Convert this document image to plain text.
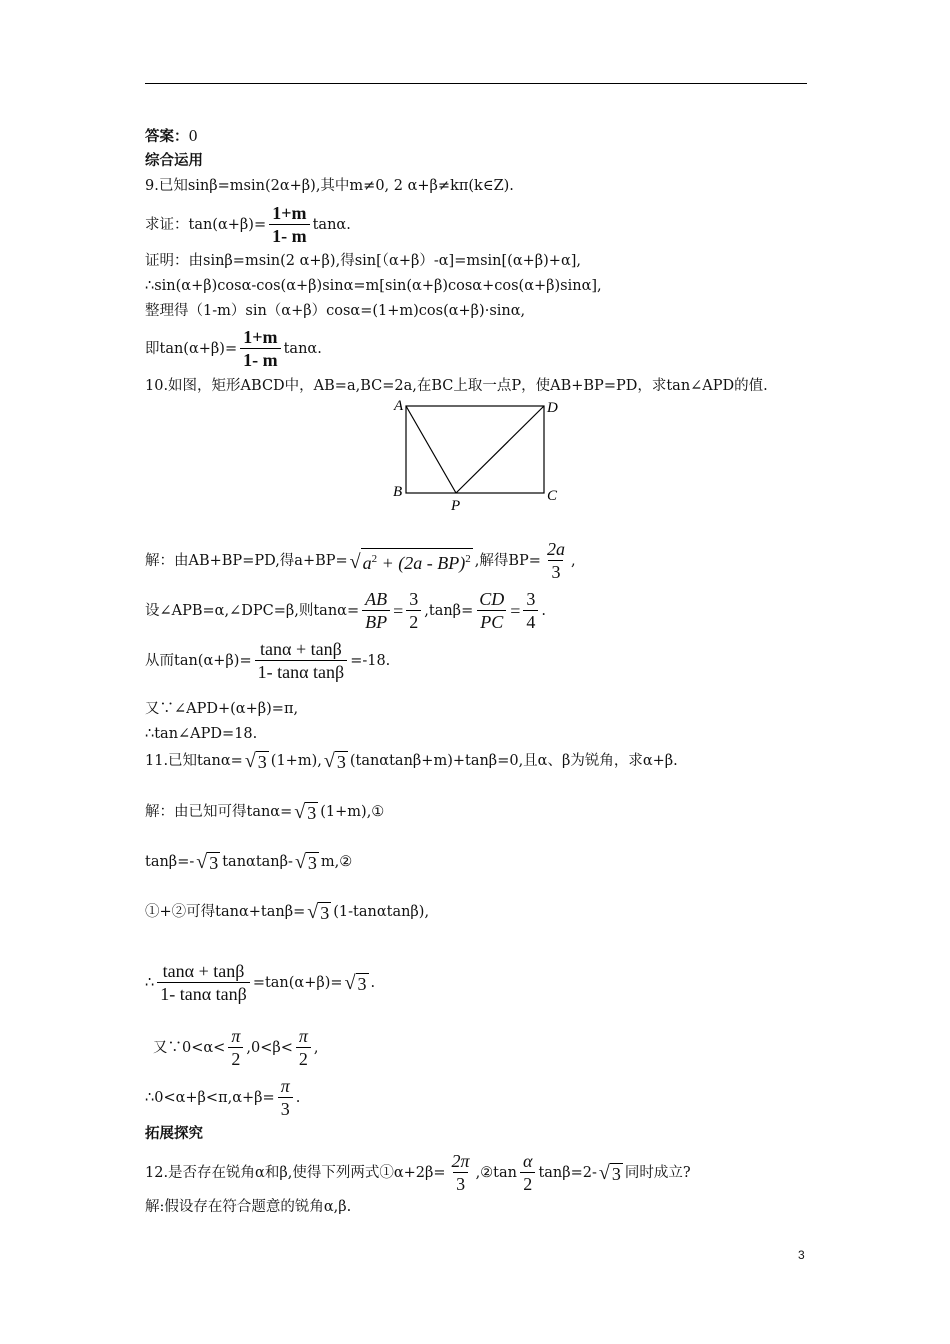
答案： 0
综合运用
9.已知sinβ=msin(2α+β),其中m≠0, 2 α+β≠kπ(k∈Z).
求证：$\tan(\alpha+\beta)= \frac{1+m}{1- m} \tan\alpha$.
证明：由sinβ=msin(2 α+β),得sin[（α+β）-α]=msin[(α+β)+α],
∴sin(α+β)cosα-cos(α+β)sinα=m[sin(α+β)cosα+cos(α+β)sinα],
整理得（1-m）sin（α+β）cosα=(1+m)cos(α+β)·sinα,
即$\tan(\alpha+\beta)= \frac{1+m}{1- m} \tan\alpha$.
10.如图，矩形ABCD中，AB=a,BC=2a,在BC上取一点P，使AB+BP=PD，求tan∠APD的值.
A	D
B	C
P
解：由AB+BP=PD,得a+BP= √ $a^2 + (2a - BP)^2$ ,解得$BP= \frac{2a}{3}$ ,
设∠APB=α,∠DPC=β,则$\tan\alpha= \frac{AB}{BP} = \frac{3}{2} ,\tan\beta= \frac{CD}{PC} = \frac{3}{4}$ .
从而$\tan(\alpha+\beta)= \frac{\tan\alpha + \tan\beta}{\text{1- tanα tanβ}} =-18$.
又∵∠APD+(α+β)=π,
∴tan∠APD=18.
11.已知tanα= √ 3 (1+m), √ 3 (tanαtanβ+m)+tanβ=0,且α、β为锐角，求α+β.
解：由已知可得tanα= √ 3 (1+m),①
tanβ=- √ 3 tanαtanβ- √ 3 m,②
①+②可得tanα+tanβ= √ 3 (1-tanαtanβ),
∴ $\frac{\tan\alpha + \tan\beta}{\text{1- tanα tanβ}} =\tan(\alpha+\beta)=$ √ 3 .
又∵0<α< $\frac{\pi}{2} ,0<\beta< \frac{\pi}{2}$ ,
∴0<α+β<π,α+β= $\frac{\pi}{3}$ .
拓展探究
12.是否存在锐角α和β,使得下列两式①α+2β= $\frac{2\pi}{3}$ ,②tan $\frac{\alpha}{2} \tan\beta=2-$ √ 3 同时成立?
解:假设存在符合题意的锐角α,β.
3
